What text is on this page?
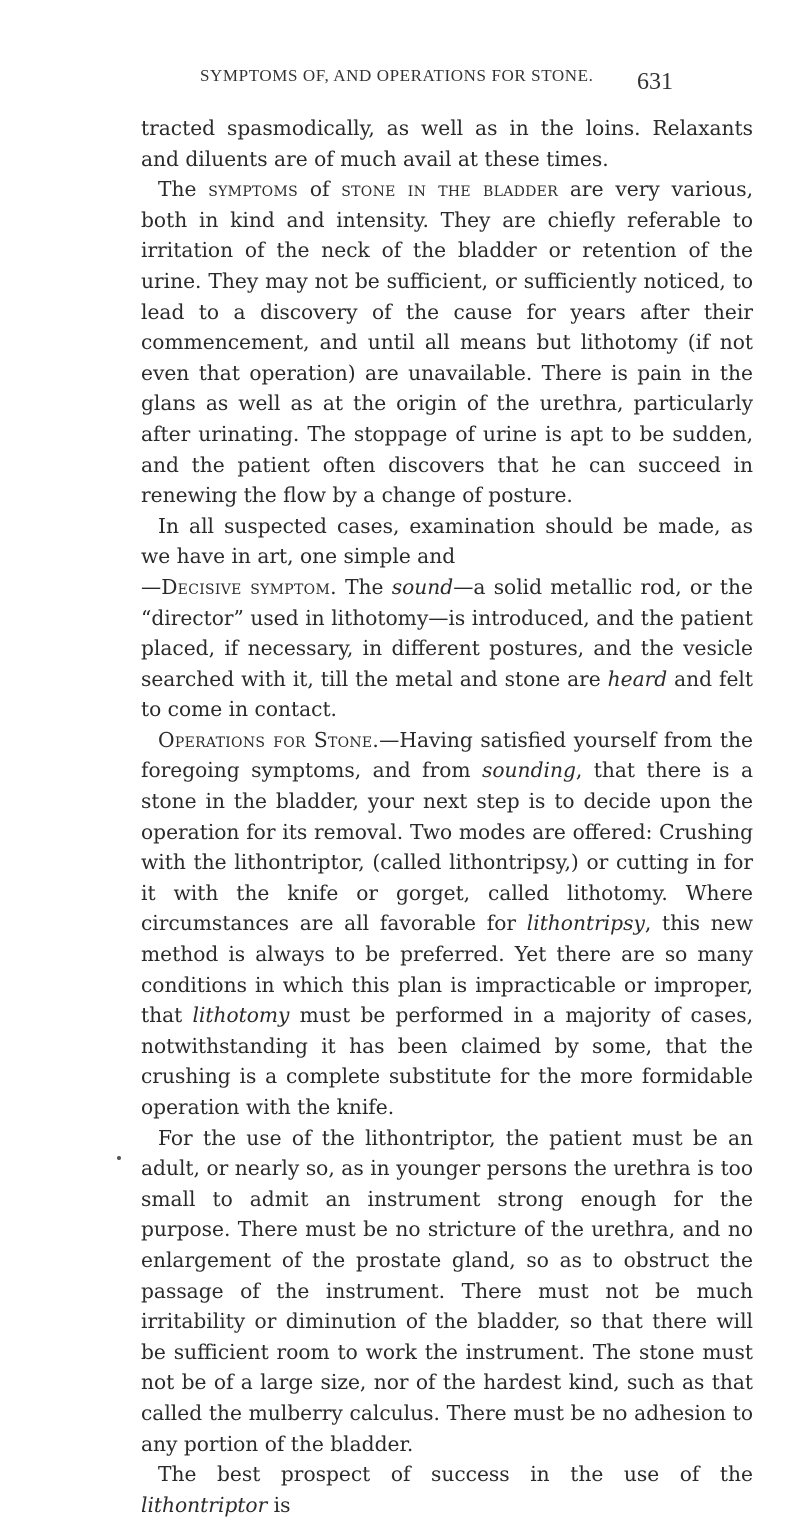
SYMPTOMS OF, AND OPERATIONS FOR STONE. 631

tracted spasmodically, as well as in the loins. Relaxants and diluents are of much avail at these times.

The symptoms of stone in the bladder are very various, both in kind and intensity. They are chiefly referable to irritation of the neck of the bladder or retention of the urine. They may not be sufficient, or sufficiently noticed, to lead to a discovery of the cause for years after their commencement, and until all means but lithotomy (if not even that operation) are unavailable. There is pain in the glans as well as at the origin of the urethra, particularly after urinating. The stoppage of urine is apt to be sudden, and the patient often discovers that he can succeed in renewing the flow by a change of posture.

In all suspected cases, examination should be made, as we have in art, one simple and

—Decisive symptom. The sound—a solid metallic rod, or the “director” used in lithotomy—is introduced, and the patient placed, if necessary, in different postures, and the vesicle searched with it, till the metal and stone are heard and felt to come in contact.

Operations for Stone.—Having satisfied yourself from the foregoing symptoms, and from sounding, that there is a stone in the bladder, your next step is to decide upon the operation for its removal. Two modes are offered: Crushing with the lithontriptor, (called lithontripsy,) or cutting in for it with the knife or gorget, called lithotomy. Where circumstances are all favorable for lithontripsy, this new method is always to be preferred. Yet there are so many conditions in which this plan is impracticable or improper, that lithotomy must be performed in a majority of cases, notwithstanding it has been claimed by some, that the crushing is a complete substitute for the more formidable operation with the knife.

For the use of the lithontriptor, the patient must be an adult, or nearly so, as in younger persons the urethra is too small to admit an instrument strong enough for the purpose. There must be no stricture of the urethra, and no enlargement of the prostate gland, so as to obstruct the passage of the instrument. There must not be much irritability or diminution of the bladder, so that there will be sufficient room to work the instrument. The stone must not be of a large size, nor of the hardest kind, such as that called the mulberry calculus. There must be no adhesion to any portion of the bladder.

The best prospect of success in the use of the lithontriptor is
